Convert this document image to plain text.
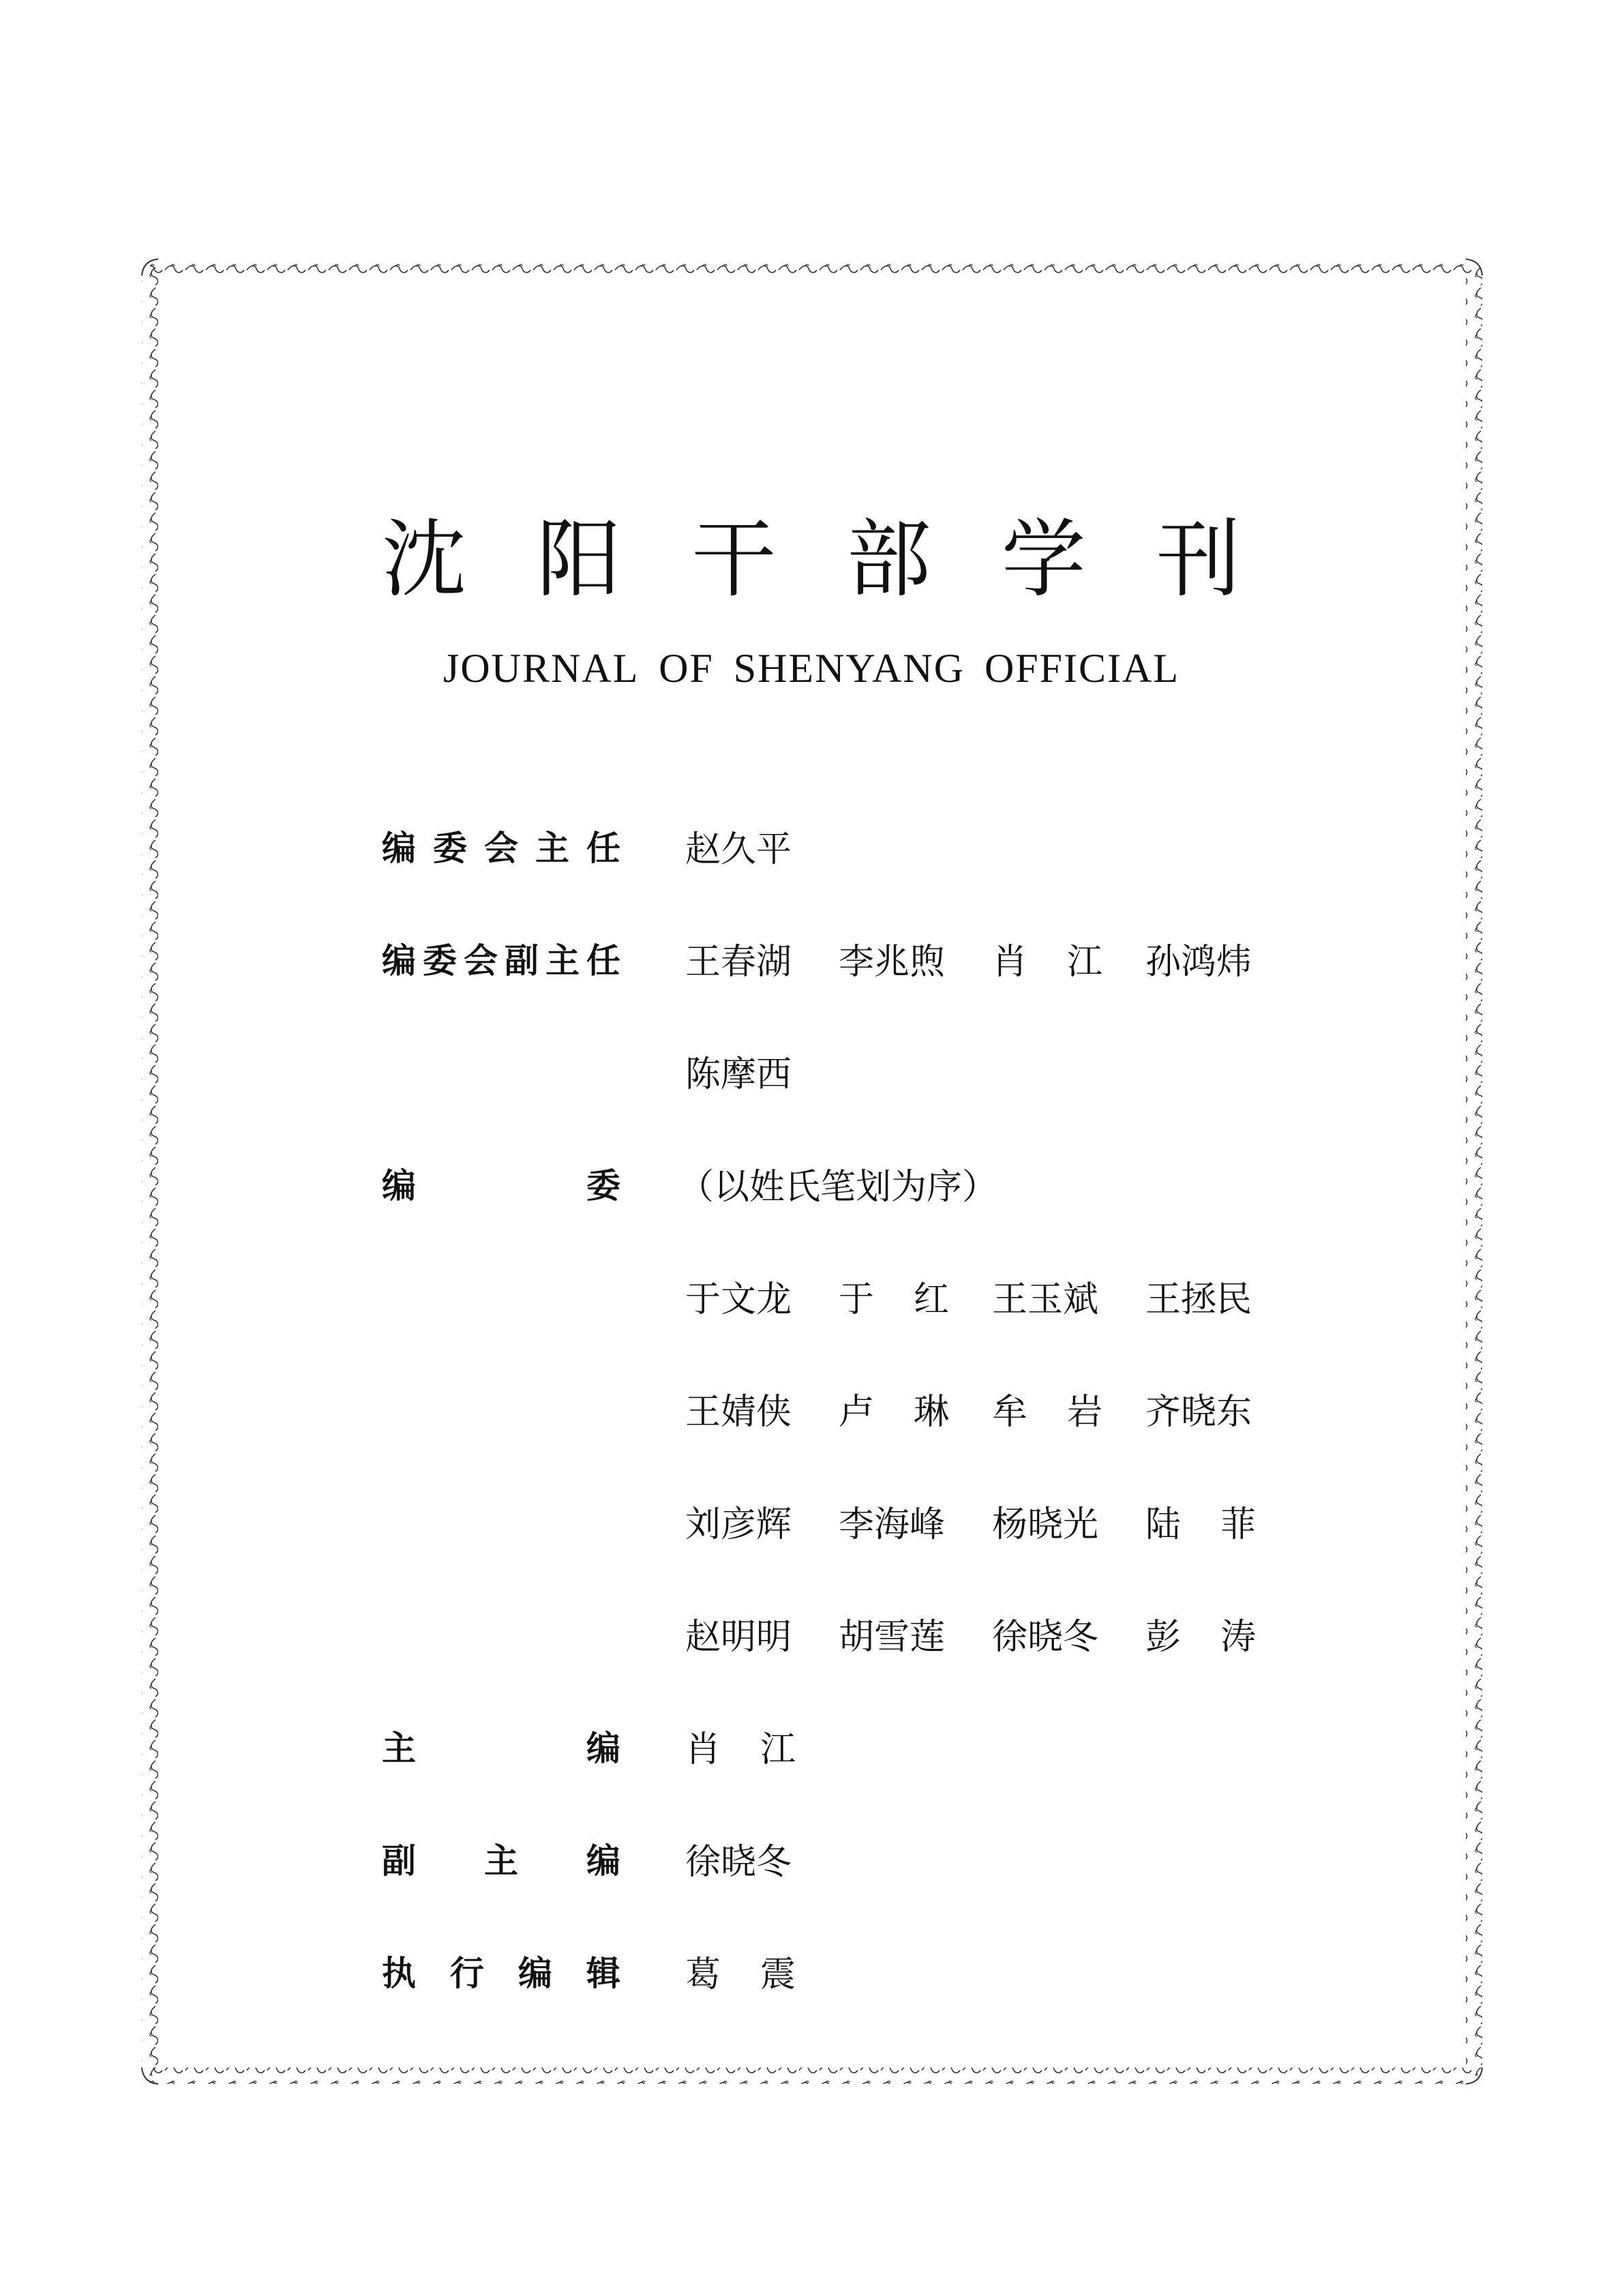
沈 阳 干 部 学 刊
JOURNAL OF SHENYANG OFFICIAL
编 委 会 主 任 赵久平
编 委 会 副 主 任 王春湖 李兆煦 肖 江 孙鸿炜
陈摩西
编	委 （以姓氏笔划为序）
于文龙 于 红 王玉斌 王拯民
王婧侠 卢 琳 牟 岩 齐晓东
刘彦辉 李海峰 杨晓光 陆 菲
赵明明 胡雪莲 徐晓冬 彭 涛
主	编 肖 江
副 主 编 徐晓冬
执 行 编 辑 葛 震
